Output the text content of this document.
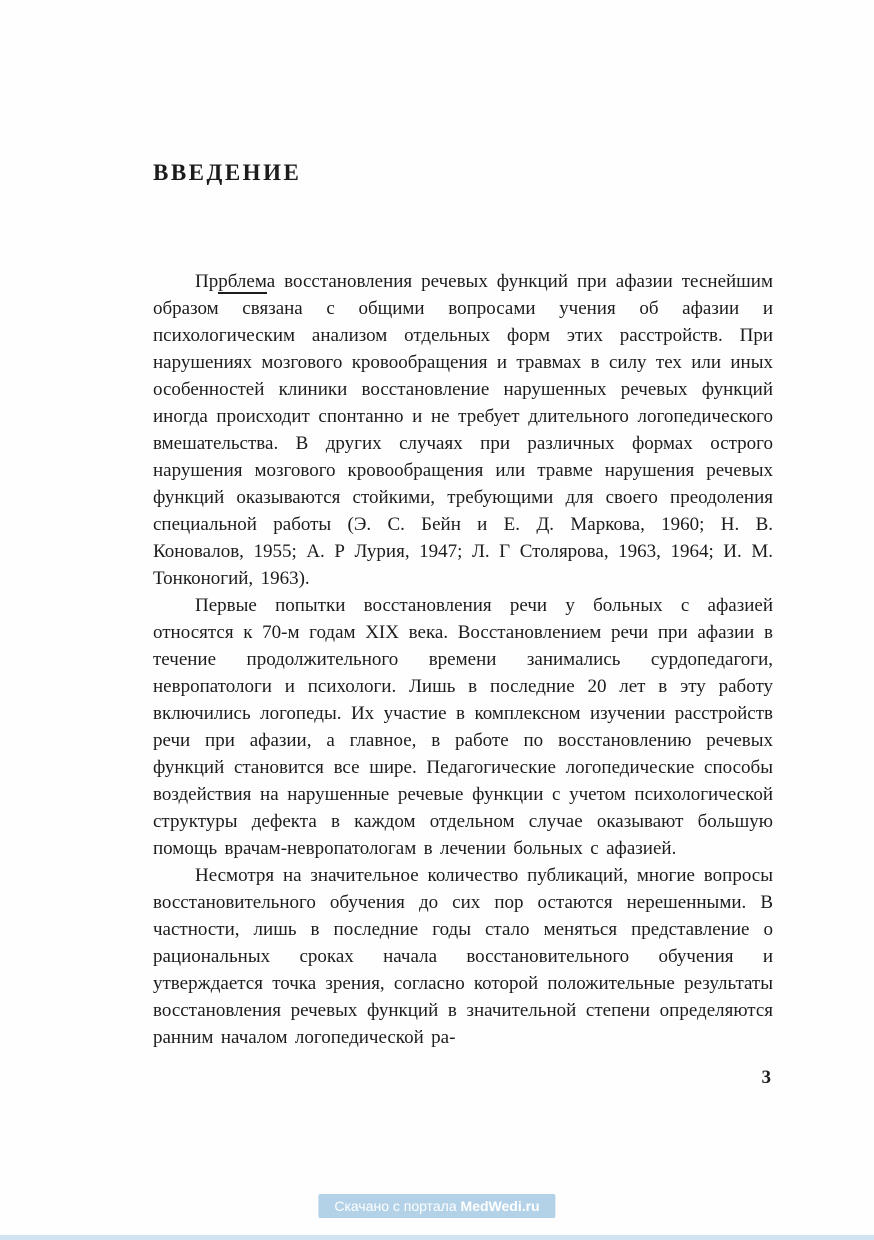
ВВЕДЕНИЕ

Пррблема восстановления речевых функций при афазии теснейшим образом связана с общими вопросами учения об афазии и психологическим анализом отдельных форм этих расстройств. При нарушениях мозгового кровообращения и травмах в силу тех или иных особенностей клиники восстановление нарушенных речевых функций иногда происходит спонтанно и не требует длительного логопедического вмешательства. В других случаях при различных формах острого нарушения мозгового кровообращения или травме нарушения речевых функций оказываются стойкими, требующими для своего преодоления специальной работы (Э. С. Бейн и Е. Д. Маркова, 1960; Н. В. Коновалов, 1955; А. Р Лурия, 1947; Л. Г Столярова, 1963, 1964; И. М. Тонконогий, 1963).

Первые попытки восстановления речи у больных с афазией относятся к 70-м годам XIX века. Восстановлением речи при афазии в течение продолжительного времени занимались сурдопедагоги, невропатологи и психологи. Лишь в последние 20 лет в эту работу включились логопеды. Их участие в комплексном изучении расстройств речи при афазии, а главное, в работе по восстановлению речевых функций становится все шире. Педагогические логопедические способы воздействия на нарушенные речевые функции с учетом психологической структуры дефекта в каждом отдельном случае оказывают большую помощь врачам-невропатологам в лечении больных с афазией.

Несмотря на значительное количество публикаций, многие вопросы восстановительного обучения до сих пор остаются нерешенными. В частности, лишь в последние годы стало меняться представление о рациональных сроках начала восстановительного обучения и утверждается точка зрения, согласно которой положительные результаты восстановления речевых функций в значительной степени определяются ранним началом логопедической ра-

3
Скачано с портала MedWedi.ru
